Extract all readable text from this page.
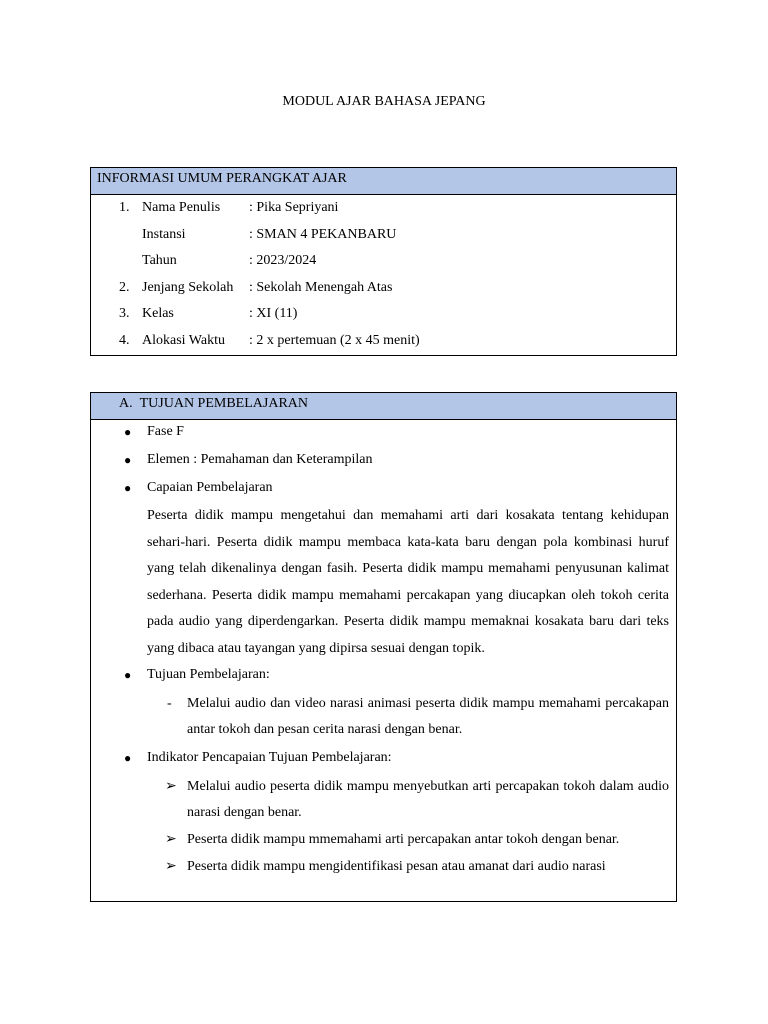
MODUL AJAR BAHASA JEPANG
INFORMASI UMUM PERANGKAT AJAR
1. Nama Penulis : Pika Sepriyani
Instansi	: SMAN 4 PEKANBARU
Tahun	: 2023/2024
2. Jenjang Sekolah : Sekolah Menengah Atas
3. Kelas	: XI (11)
4. Alokasi Waktu : 2 x pertemuan (2 x 45 menit)
A.  TUJUAN PEMBELAJARAN
● Fase F
● Elemen : Pemahaman dan Keterampilan
● Capaian Pembelajaran
Peserta didik mampu mengetahui dan memahami arti dari kosakata tentang kehidupan sehari-hari. Peserta didik mampu membaca kata-kata baru dengan pola kombinasi huruf yang telah dikenalinya dengan fasih. Peserta didik mampu memahami penyusunan kalimat sederhana. Peserta didik mampu memahami percakapan yang diucapkan oleh tokoh cerita pada audio yang diperdengarkan. Peserta didik mampu memaknai kosakata baru dari teks yang dibaca atau tayangan yang dipirsa sesuai dengan topik.
● Tujuan Pembelajaran:
- Melalui audio dan video narasi animasi peserta didik mampu memahami percakapan antar tokoh dan pesan cerita narasi dengan benar.
● Indikator Pencapaian Tujuan Pembelajaran:
➢ Melalui audio peserta didik mampu menyebutkan arti percapakan tokoh dalam audio narasi dengan benar.
➢ Peserta didik mampu mmemahami arti percapakan antar tokoh dengan benar.
➢ Peserta didik mampu mengidentifikasi pesan atau amanat dari audio narasi
